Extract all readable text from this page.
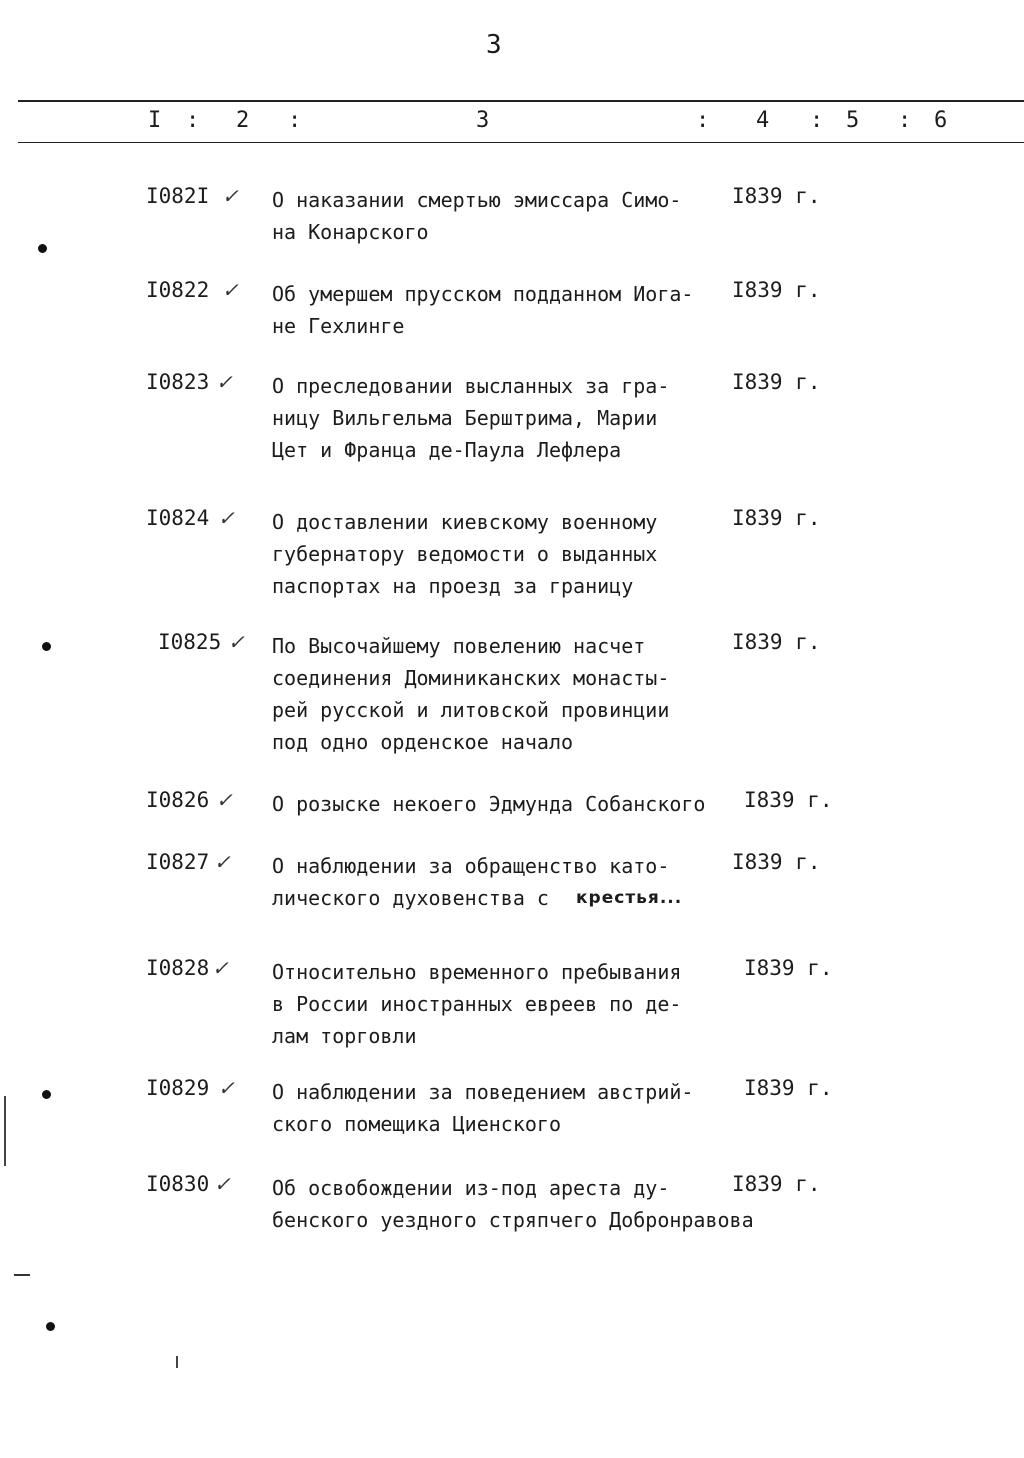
3
I : 2 :	3	: 4 : 5 : 6
I082I ✓ О наказании смертью эмиссара Симо-
на Конарского
I839 г.
I0822 ✓ Об умершем прусском подданном Иога-
не Гехлинге
I839 г.
I0823 ✓ О преследовании высланных за гра-
ницу Вильгельма Берштрима, Марии
Цет и Франца де-Паула Лефлера
I839 г.
I0824 ✓ О доставлении киевскому военному
губернатору ведомости о выданных
паспортах на проезд за границу
I839 г.
I0825 ✓ По Высочайшему повелению насчет
соединения Доминиканских монасты-
рей русской и литовской провинции
под одно орденское начало
I839 г.
I0826 ✓ О розыске некоего Эдмунда Собанского I839 г.
I0827 ✓ О наблюдении за обращенство като-
лического духовенства с	крестья...
I839 г.
I0828 ✓ Относительно временного пребывания
в России иностранных евреев по де-
лам торговли
I839 г.
I0829 ✓ О наблюдении за поведением австрий-
ского помещика Циенского
I839 г.
I0830 ✓ Об освобождении из-под ареста ду-
бенского уездного стряпчего Добронравова
I839 г.
